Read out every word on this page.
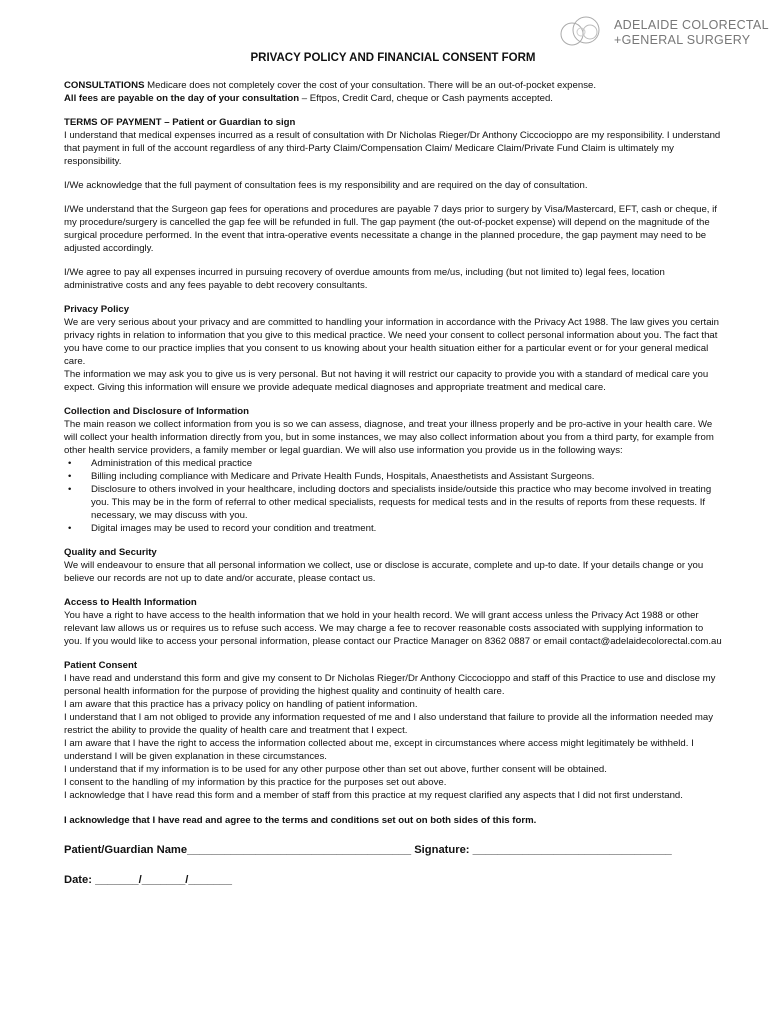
ADELAIDE COLORECTAL
+GENERAL SURGERY
PRIVACY POLICY AND FINANCIAL CONSENT FORM

CONSULTATIONS Medicare does not completely cover the cost of your consultation. There will be an out-of-pocket expense.

All fees are payable on the day of your consultation – Eftpos, Credit Card, cheque or Cash payments accepted.

TERMS OF PAYMENT – Patient or Guardian to sign

I understand that medical expenses incurred as a result of consultation with Dr Nicholas Rieger/Dr Anthony Ciccocioppo are my responsibility. I understand that payment in full of the account regardless of any third-Party Claim/Compensation Claim/ Medicare Claim/Private Fund Claim is ultimately my responsibility.

I/We acknowledge that the full payment of consultation fees is my responsibility and are required on the day of consultation.

I/We understand that the Surgeon gap fees for operations and procedures are payable 7 days prior to surgery by Visa/Mastercard, EFT, cash or cheque, if my procedure/surgery is cancelled the gap fee will be refunded in full. The gap payment (the out-of-pocket expense) will depend on the magnitude of the surgical procedure performed. In the event that intra-operative events necessitate a change in the planned procedure, the gap payment may need to be adjusted accordingly.

I/We agree to pay all expenses incurred in pursuing recovery of overdue amounts from me/us, including (but not limited to) legal fees, location administrative costs and any fees payable to debt recovery consultants.

Privacy Policy

We are very serious about your privacy and are committed to handling your information in accordance with the Privacy Act 1988. The law gives you certain privacy rights in relation to information that you give to this medical practice. We need your consent to collect personal information about you. The fact that you have come to our practice implies that you consent to us knowing about your health situation either for a particular event or for your general medical care.

The information we may ask you to give us is very personal. But not having it will restrict our capacity to provide you with a standard of medical care you expect. Giving this information will ensure we provide adequate medical diagnoses and appropriate treatment and medical care.

Collection and Disclosure of Information

The main reason we collect information from you is so we can assess, diagnose, and treat your illness properly and be pro-active in your health care. We will collect your health information directly from you, but in some instances, we may also collect information about you from a third party, for example from other health service providers, a family member or legal guardian. We will also use information you provide us in the following ways:

• Administration of this medical practice
• Billing including compliance with Medicare and Private Health Funds, Hospitals, Anaesthetists and Assistant Surgeons.
• Disclosure to others involved in your healthcare, including doctors and specialists inside/outside this practice who may become involved in treating you. This may be in the form of referral to other medical specialists, requests for medical tests and in the results of reports from these requests. If necessary, we may discuss with you.
• Digital images may be used to record your condition and treatment.

Quality and Security

We will endeavour to ensure that all personal information we collect, use or disclose is accurate, complete and up-to date. If your details change or you believe our records are not up to date and/or accurate, please contact us.

Access to Health Information

You have a right to have access to the health information that we hold in your health record. We will grant access unless the Privacy Act 1988 or other relevant law allows us or requires us to refuse such access. We may charge a fee to recover reasonable costs associated with supplying information to you. If you would like to access your personal information, please contact our Practice Manager on 8362 0887 or email contact@adelaidecolorectal.com.au

Patient Consent

I have read and understand this form and give my consent to Dr Nicholas Rieger/Dr Anthony Ciccocioppo and staff of this Practice to use and disclose my personal health information for the purpose of providing the highest quality and continuity of health care.

I am aware that this practice has a privacy policy on handling of patient information.

I understand that I am not obliged to provide any information requested of me and I also understand that failure to provide all the information needed may restrict the ability to provide the quality of health care and treatment that I expect.

I am aware that I have the right to access the information collected about me, except in circumstances where access might legitimately be withheld. I understand I will be given explanation in these circumstances.

I understand that if my information is to be used for any other purpose other than set out above, further consent will be obtained.

I consent to the handling of my information by this practice for the purposes set out above.

I acknowledge that I have read this form and a member of staff from this practice at my request clarified any aspects that I did not first understand.

I acknowledge that I have read and agree to the terms and conditions set out on both sides of this form.

Patient/Guardian Name____________________________________ Signature: ________________________________

Date: _______/_______/_______
